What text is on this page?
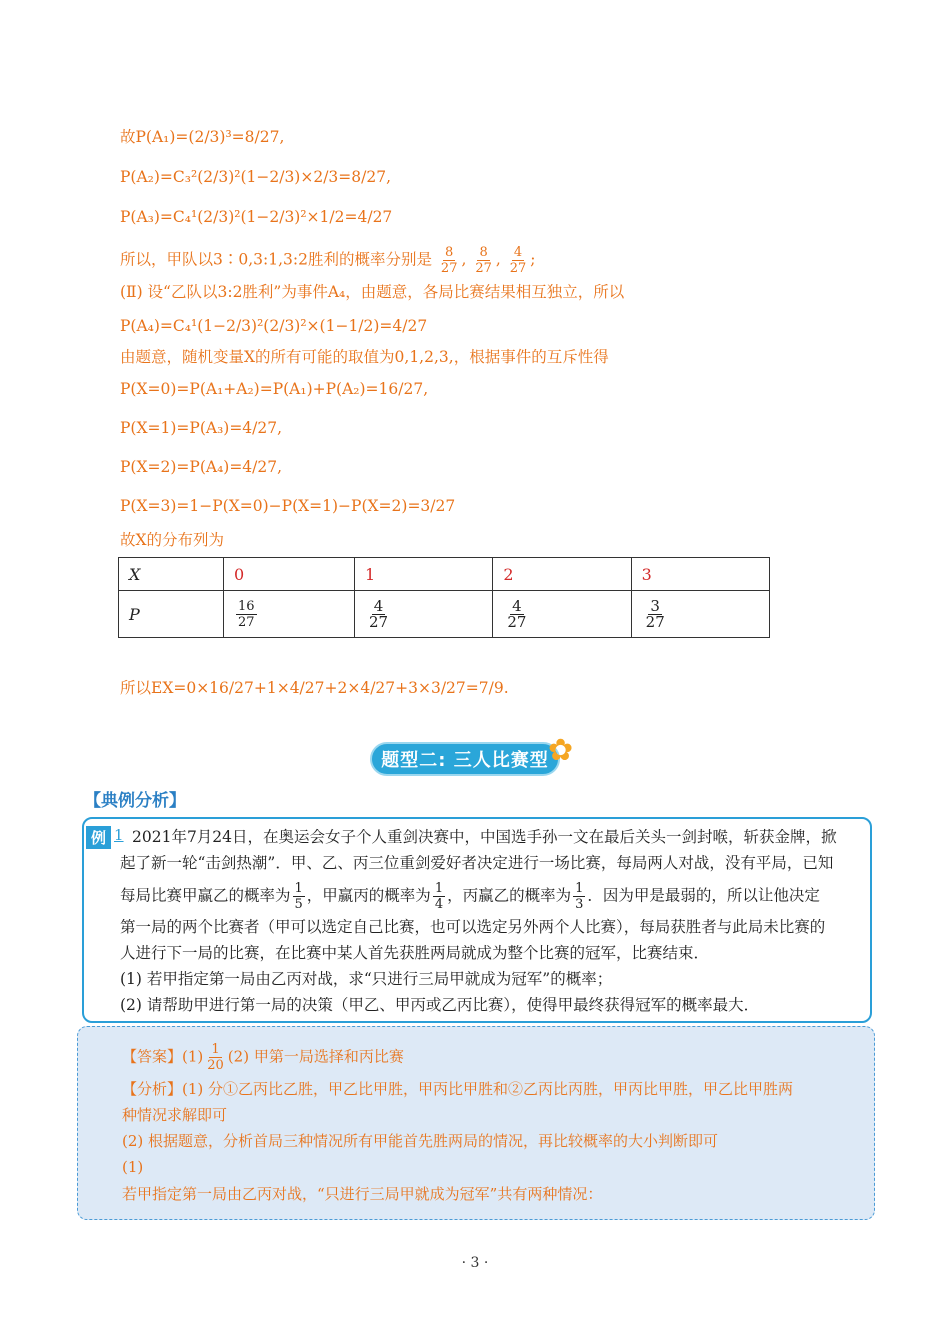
故P(A₁)=(2/3)³=8/27,
P(A₂)=C₃²(2/3)²(1−2/3)×2/3=8/27,
P(A₃)=C₄¹(2/3)²(1−2/3)²×1/2=4/27
所以，甲队以3∶0,3:1,3:2胜利的概率分别是 $\frac{8}{27}$ , $\frac{8}{27}$ , $\frac{4}{27}$ ;
(Ⅱ) 设“乙队以3:2胜利”为事件A₄，由题意，各局比赛结果相互独立，所以
P(A₄)=C₄¹(1−2/3)²(2/3)²×(1−1/2)=4/27
由题意，随机变量X的所有可能的取值为0,1,2,3,，根据事件的互斥性得
P(X=0)=P(A₁+A₂)=P(A₁)+P(A₂)=16/27,
P(X=1)=P(A₃)=4/27,
P(X=2)=P(A₄)=4/27,
P(X=3)=1−P(X=0)−P(X=1)−P(X=2)=3/27
故X的分布列为
X	0	1	2	3
P	$\frac{16}{27}$	$\frac{4}{27}$	$\frac{4}{27}$	$\frac{3}{27}$
所以EX=0×16/27+1×4/27+2×4/27+3×3/27=7/9.
题型二: 三人比赛型 ✿
【典例分析】
例 1 2021年7月24日，在奥运会女子个人重剑决赛中，中国选手孙一文在最后关头一剑封喉，斩获金牌，掀
起了新一轮“击剑热潮”．甲、乙、丙三位重剑爱好者决定进行一场比赛，每局两人对战，没有平局，已知
每局比赛甲赢乙的概率为 $\frac{1}{5}$ ，甲赢丙的概率为 $\frac{1}{4}$ ，丙赢乙的概率为 $\frac{1}{3}$ ．因为甲是最弱的，所以让他决定
第一局的两个比赛者（甲可以选定自己比赛，也可以选定另外两个人比赛），每局获胜者与此局未比赛的
人进行下一局的比赛，在比赛中某人首先获胜两局就成为整个比赛的冠军，比赛结束．
(1) 若甲指定第一局由乙丙对战，求“只进行三局甲就成为冠军”的概率；
(2) 请帮助甲进行第一局的决策（甲乙、甲丙或乙丙比赛），使得甲最终获得冠军的概率最大．
【答案】$(1) \frac{1}{20} (2)$ 甲第一局选择和丙比赛
【分析】(1) 分①乙丙比乙胜，甲乙比甲胜，甲丙比甲胜和②乙丙比丙胜，甲丙比甲胜，甲乙比甲胜两
种情况求解即可
(2) 根据题意，分析首局三种情况所有甲能首先胜两局的情况，再比较概率的大小判断即可
(1)
若甲指定第一局由乙丙对战，“只进行三局甲就成为冠军”共有两种情况：
· 3 ·
